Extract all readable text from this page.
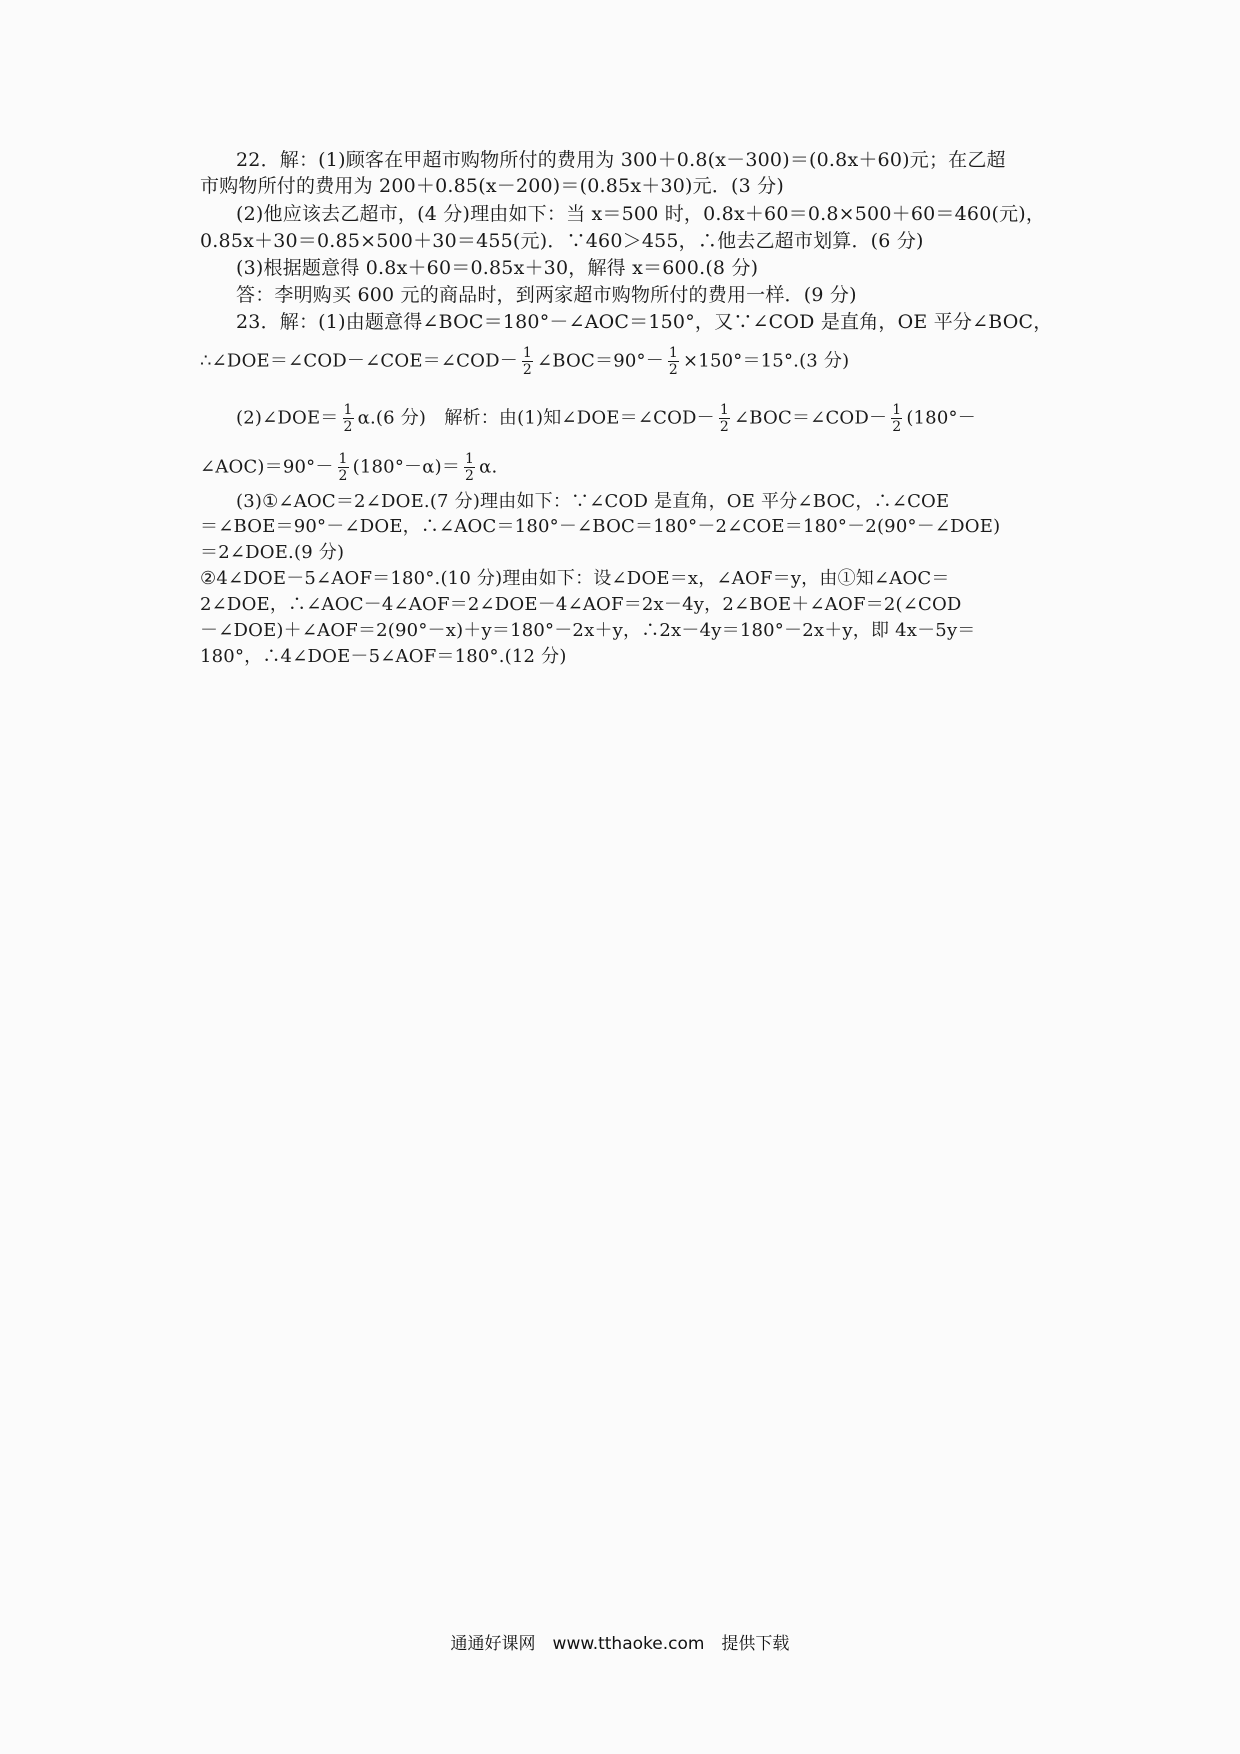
22．解：(1)顾客在甲超市购物所付的费用为 300＋0.8(x－300)＝(0.8x＋60)元；在乙超
市购物所付的费用为 200＋0.85(x－200)＝(0.85x＋30)元．(3 分)
(2)他应该去乙超市，(4 分)理由如下：当 x＝500 时，0.8x＋60＝0.8×500＋60＝460(元)，
0.85x＋30＝0.85×500＋30＝455(元)．∵460＞455，∴他去乙超市划算．(6 分)
(3)根据题意得 0.8x＋60＝0.85x＋30，解得 x＝600.(8 分)
答：李明购买 600 元的商品时，到两家超市购物所付的费用一样．(9 分)
23．解：(1)由题意得∠BOC＝180°－∠AOC＝150°，又∵∠COD 是直角，OE 平分∠BOC，
∴∠DOE＝∠COD－∠COE＝∠COD－ $\frac{1}{2}$ ∠BOC＝90°－ $\frac{1}{2} \times 150^\circ=15^\circ.(3$ 分)
(2)∠DOE＝ $\frac{1}{2} \alpha.(6$ 分)　解析：由(1)知∠DOE＝∠COD－ $\frac{1}{2}$ ∠BOC＝∠COD－ $\frac{1}{2} (180^\circ-$
∠AOC)＝90°－ $\frac{1}{2} (180^\circ-\alpha)= \frac{1}{2} \alpha$.
(3)①∠AOC＝2∠DOE.(7 分)理由如下：∵∠COD 是直角，OE 平分∠BOC，∴∠COE
＝∠BOE＝90°－∠DOE，∴∠AOC＝180°－∠BOC＝180°－2∠COE＝180°－2(90°－∠DOE)
＝2∠DOE.(9 分)
②4∠DOE－5∠AOF＝180°.(10 分)理由如下：设∠DOE＝x，∠AOF＝y，由①知∠AOC＝
2∠DOE，∴∠AOC－4∠AOF＝2∠DOE－4∠AOF＝2x－4y，2∠BOE＋∠AOF＝2(∠COD
－∠DOE)＋∠AOF＝2(90°－x)＋y＝180°－2x＋y，∴2x－4y＝180°－2x＋y，即 4x－5y＝
180°，∴4∠DOE－5∠AOF＝180°.(12 分)
通通好课网　www.tthaoke.com　提供下载
